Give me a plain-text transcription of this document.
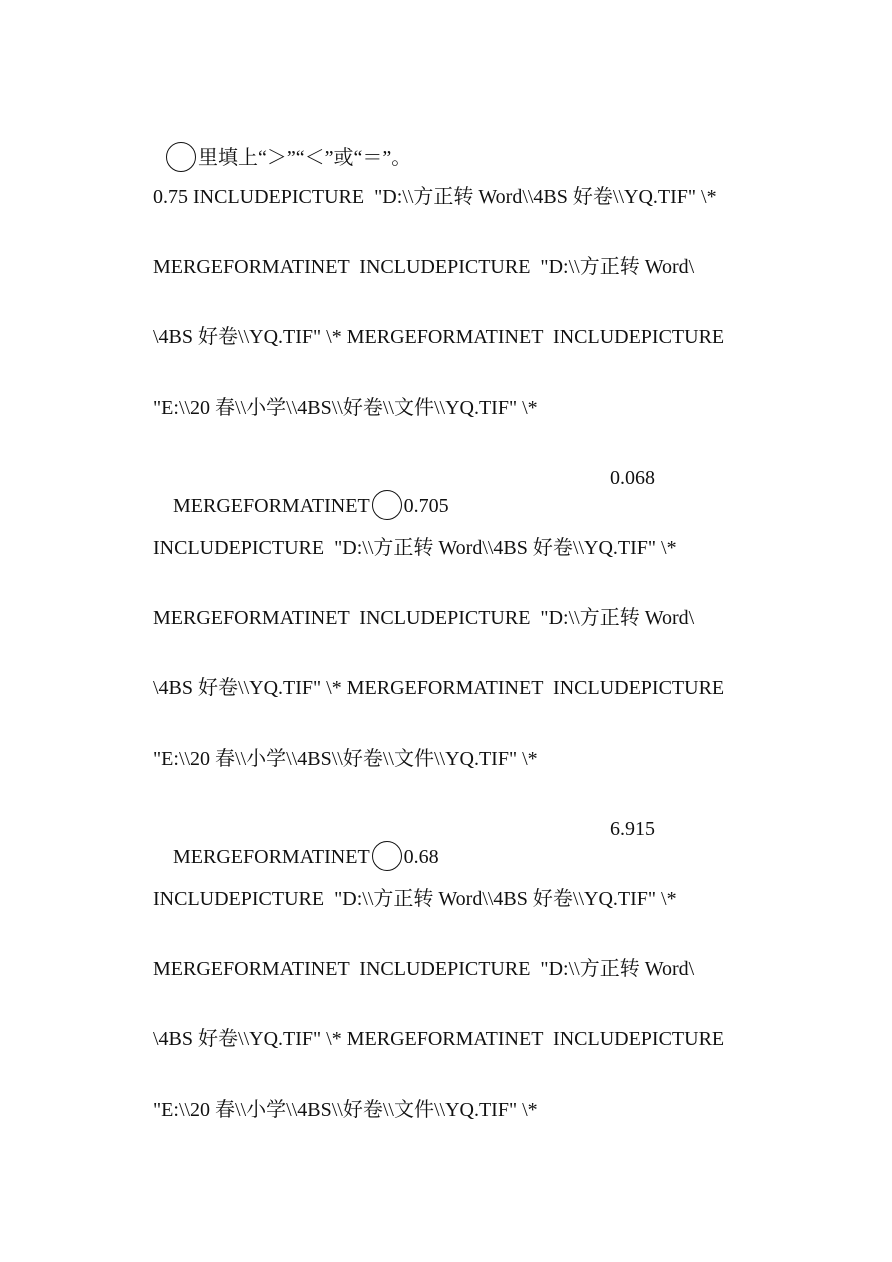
里填上“＞”“＜”或“＝”。

0.75 INCLUDEPICTURE  "D:\\方正转 Word\\4BS 好卷\\YQ.TIF" \*
MERGEFORMATINET  INCLUDEPICTURE  "D:\\方正转 Word\
\4BS 好卷\\YQ.TIF" \* MERGEFORMATINET  INCLUDEPICTURE
"E:\\20 春\\小学\\4BS\\好卷\\文件\\YQ.TIF" \*

MERGEFORMATINET 0.705

0.068
INCLUDEPICTURE  "D:\\方正转 Word\\4BS 好卷\\YQ.TIF" \*
MERGEFORMATINET  INCLUDEPICTURE  "D:\\方正转 Word\
\4BS 好卷\\YQ.TIF" \* MERGEFORMATINET  INCLUDEPICTURE
"E:\\20 春\\小学\\4BS\\好卷\\文件\\YQ.TIF" \*

MERGEFORMATINET 0.68

6.915
INCLUDEPICTURE  "D:\\方正转 Word\\4BS 好卷\\YQ.TIF" \*
MERGEFORMATINET  INCLUDEPICTURE  "D:\\方正转 Word\
\4BS 好卷\\YQ.TIF" \* MERGEFORMATINET  INCLUDEPICTURE
"E:\\20 春\\小学\\4BS\\好卷\\文件\\YQ.TIF" \*
